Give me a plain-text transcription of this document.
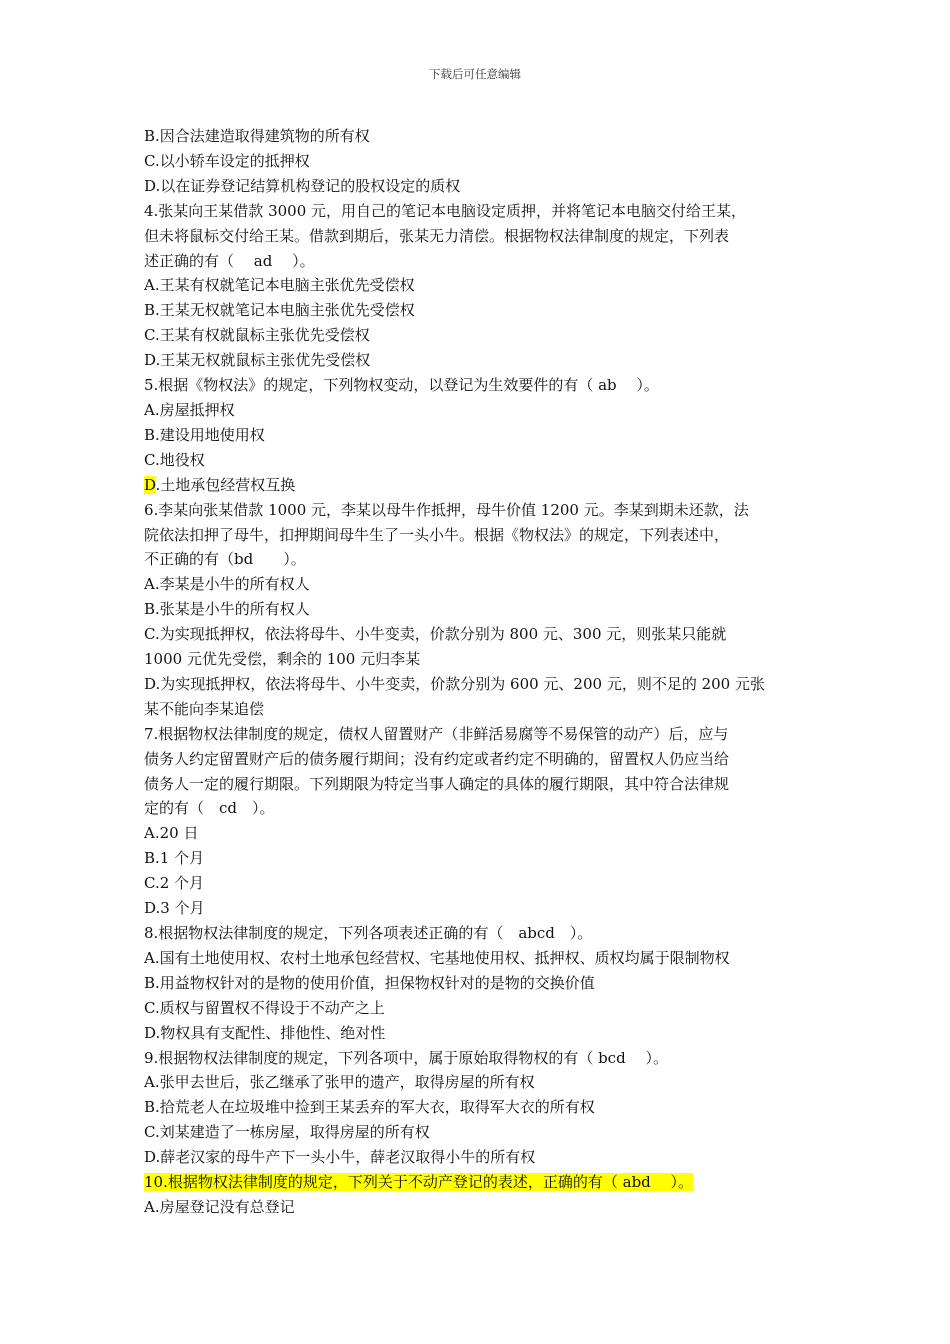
下载后可任意编辑
B.因合法建造取得建筑物的所有权
C.以小轿车设定的抵押权
D.以在证券登记结算机构登记的股权设定的质权
4.张某向王某借款 3000 元，用自己的笔记本电脑设定质押，并将笔记本电脑交付给王某，
但未将鼠标交付给王某。借款到期后，张某无力清偿。根据物权法律制度的规定，下列表
述正确的有（　 ad　 ）。
A.王某有权就笔记本电脑主张优先受偿权
B.王某无权就笔记本电脑主张优先受偿权
C.王某有权就鼠标主张优先受偿权
D.王某无权就鼠标主张优先受偿权
5.根据《物权法》的规定，下列物权变动，以登记为生效要件的有（ ab　 ）。
A.房屋抵押权
B.建设用地使用权
C.地役权
D.土地承包经营权互换
6.李某向张某借款 1000 元，李某以母牛作抵押，母牛价值 1200 元。李某到期未还款，法
院依法扣押了母牛，扣押期间母牛生了一头小牛。根据《物权法》的规定，下列表述中，
不正确的有（bd　　）。
A.李某是小牛的所有权人
B.张某是小牛的所有权人
C.为实现抵押权，依法将母牛、小牛变卖，价款分别为 800 元、300 元，则张某只能就
1000 元优先受偿，剩余的 100 元归李某
D.为实现抵押权，依法将母牛、小牛变卖，价款分别为 600 元、200 元，则不足的 200 元张
某不能向李某追偿
7.根据物权法律制度的规定，债权人留置财产（非鲜活易腐等不易保管的动产）后，应与
债务人约定留置财产后的债务履行期间；没有约定或者约定不明确的，留置权人仍应当给
债务人一定的履行期限。下列期限为特定当事人确定的具体的履行期限，其中符合法律规
定的有（　cd　）。
A.20 日
B.1 个月
C.2 个月
D.3 个月
8.根据物权法律制度的规定，下列各项表述正确的有（　abcd　）。
A.国有土地使用权、农村土地承包经营权、宅基地使用权、抵押权、质权均属于限制物权
B.用益物权针对的是物的使用价值，担保物权针对的是物的交换价值
C.质权与留置权不得设于不动产之上
D.物权具有支配性、排他性、绝对性
9.根据物权法律制度的规定，下列各项中，属于原始取得物权的有（ bcd　 ）。
A.张甲去世后，张乙继承了张甲的遗产，取得房屋的所有权
B.拾荒老人在垃圾堆中捡到王某丢弃的军大衣，取得军大衣的所有权
C.刘某建造了一栋房屋，取得房屋的所有权
D.薛老汉家的母牛产下一头小牛，薛老汉取得小牛的所有权
10.根据物权法律制度的规定，下列关于不动产登记的表述，正确的有（ abd　 ）。
A.房屋登记没有总登记
